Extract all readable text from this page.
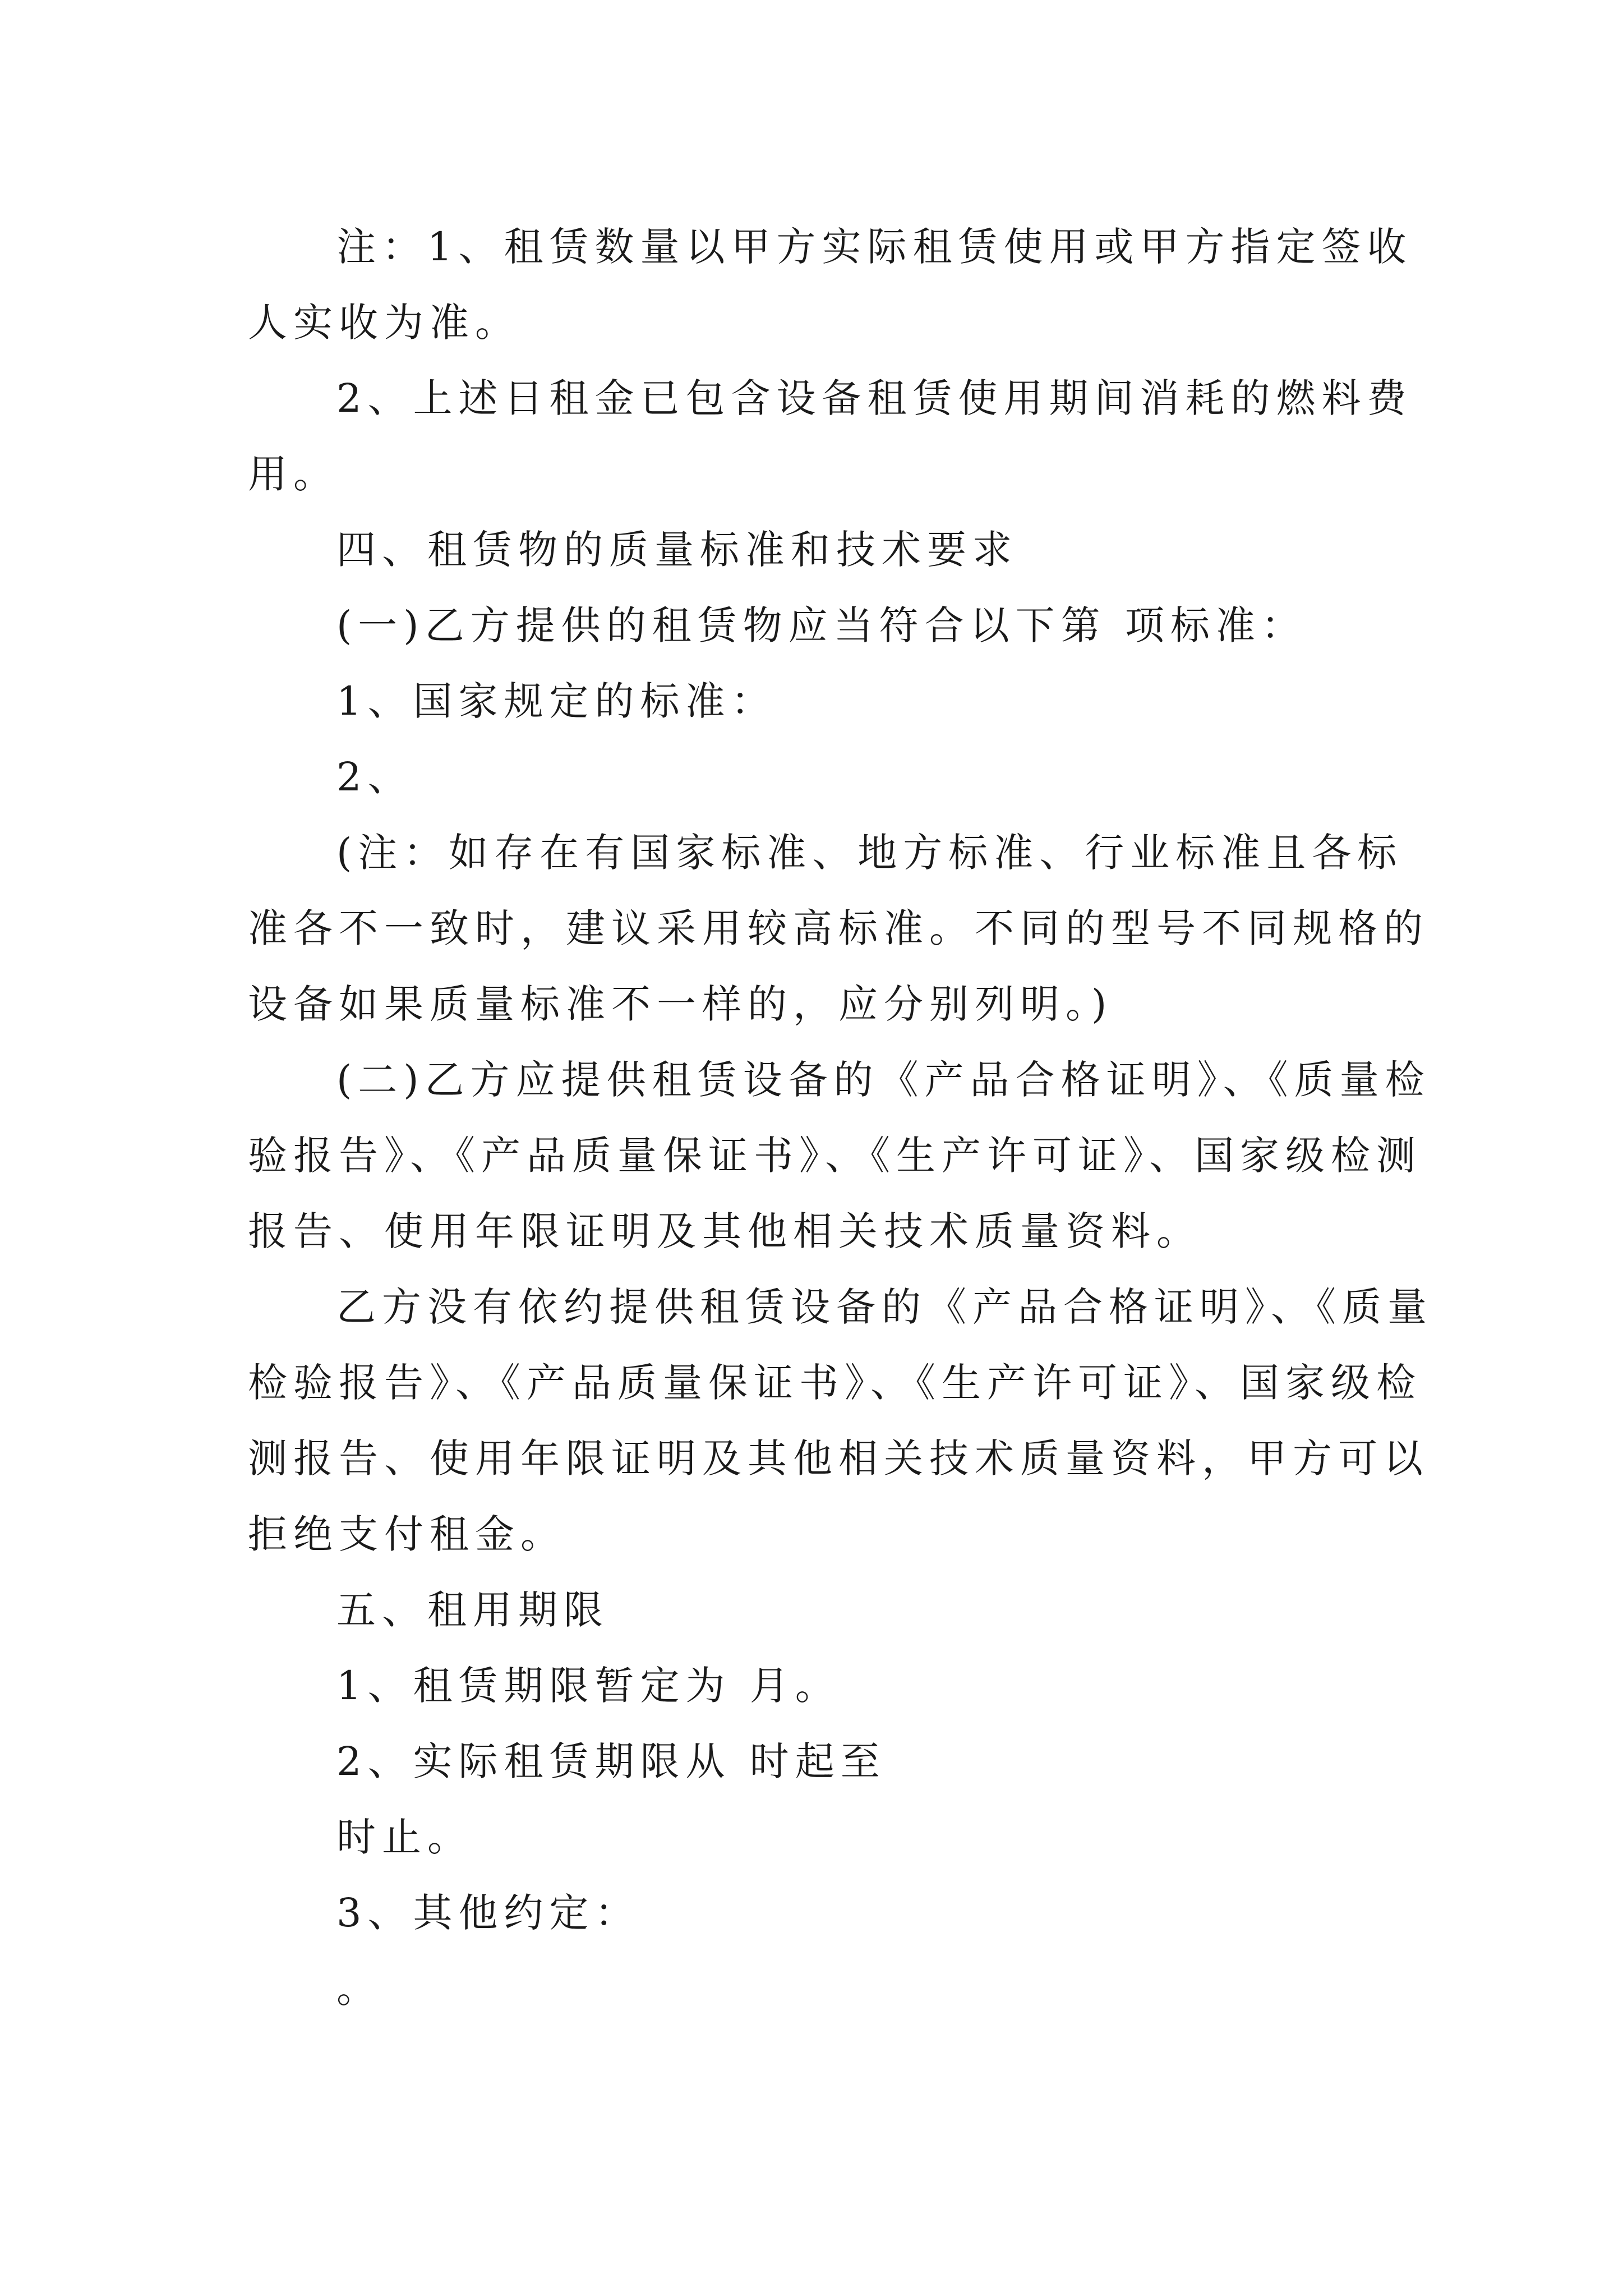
注：1、租赁数量以甲方实际租赁使用或甲方指定签收
人实收为准。
2、上述日租金已包含设备租赁使用期间消耗的燃料费
用。
四、租赁物的质量标准和技术要求
(一)乙方提供的租赁物应当符合以下第 项标准：
1、国家规定的标准：
2、
(注：如存在有国家标准、地方标准、行业标准且各标
准各不一致时，建议采用较高标准。不同的型号不同规格的
设备如果质量标准不一样的，应分别列明。)
(二)乙方应提供租赁设备的《产品合格证明》、《质量检
验报告》、《产品质量保证书》、《生产许可证》、国家级检测
报告、使用年限证明及其他相关技术质量资料。
乙方没有依约提供租赁设备的《产品合格证明》、《质量
检验报告》、《产品质量保证书》、《生产许可证》、国家级检
测报告、使用年限证明及其他相关技术质量资料，甲方可以
拒绝支付租金。
五、租用期限
1、租赁期限暂定为 月。
2、实际租赁期限从 时起至
时止。
3、其他约定：
。
